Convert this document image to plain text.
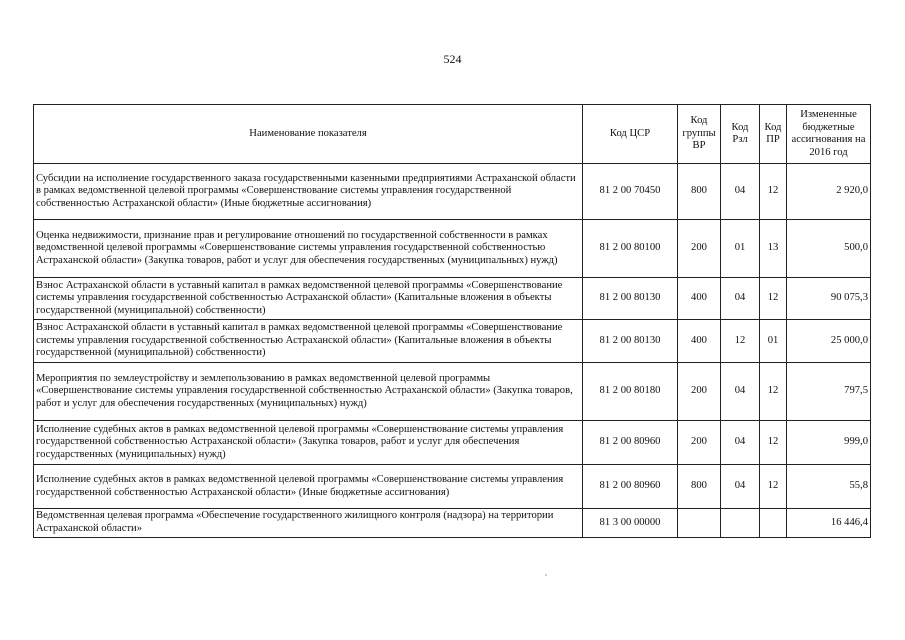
524
Наименование показателя	Код ЦСР	Код группы ВР	Код Рзл	Код ПР	Измененные бюджетные ассигнования на 2016 год
Субсидии на исполнение государственного заказа государственными казенными предприятиями Астраханской области в рамках ведомственной целевой программы «Совершенствование системы управления государственной собственностью Астраханской области» (Иные бюджетные ассигнования)	81 2 00 70450	800	04	12	2 920,0
Оценка недвижимости, признание прав и регулирование отношений по государственной собственности в рамках ведомственной целевой программы «Совершенствование системы управления государственной собственностью Астраханской области» (Закупка товаров, работ и услуг для обеспечения государственных (муниципальных) нужд)	81 2 00 80100	200	01	13	500,0
Взнос Астраханской области в уставный капитал в рамках ведомственной целевой программы «Совершенствование системы управления государственной собственностью Астраханской области» (Капитальные вложения в объекты государственной (муниципальной) собственности)	81 2 00 80130	400	04	12	90 075,3
Взнос Астраханской области в уставный капитал в рамках ведомственной целевой программы «Совершенствование системы управления государственной собственностью Астраханской области» (Капитальные вложения в объекты государственной (муниципальной) собственности)	81 2 00 80130	400	12	01	25 000,0
Мероприятия по землеустройству и землепользованию в рамках ведомственной целевой программы «Совершенствование системы управления государственной собственностью Астраханской области» (Закупка товаров, работ и услуг для обеспечения государственных (муниципальных) нужд)	81 2 00 80180	200	04	12	797,5
Исполнение судебных актов в рамках ведомственной целевой программы «Совершенствование системы управления государственной собственностью Астраханской области» (Закупка товаров, работ и услуг для обеспечения государственных (муниципальных) нужд)	81 2 00 80960	200	04	12	999,0
Исполнение судебных актов в рамках ведомственной целевой программы «Совершенствование системы управления государственной собственностью Астраханской области» (Иные бюджетные ассигнования)	81 2 00 80960	800	04	12	55,8
Ведомственная целевая программа «Обеспечение государственного жилищного контроля (надзора) на территории Астраханской области»	81 3 00 00000				16 446,4
